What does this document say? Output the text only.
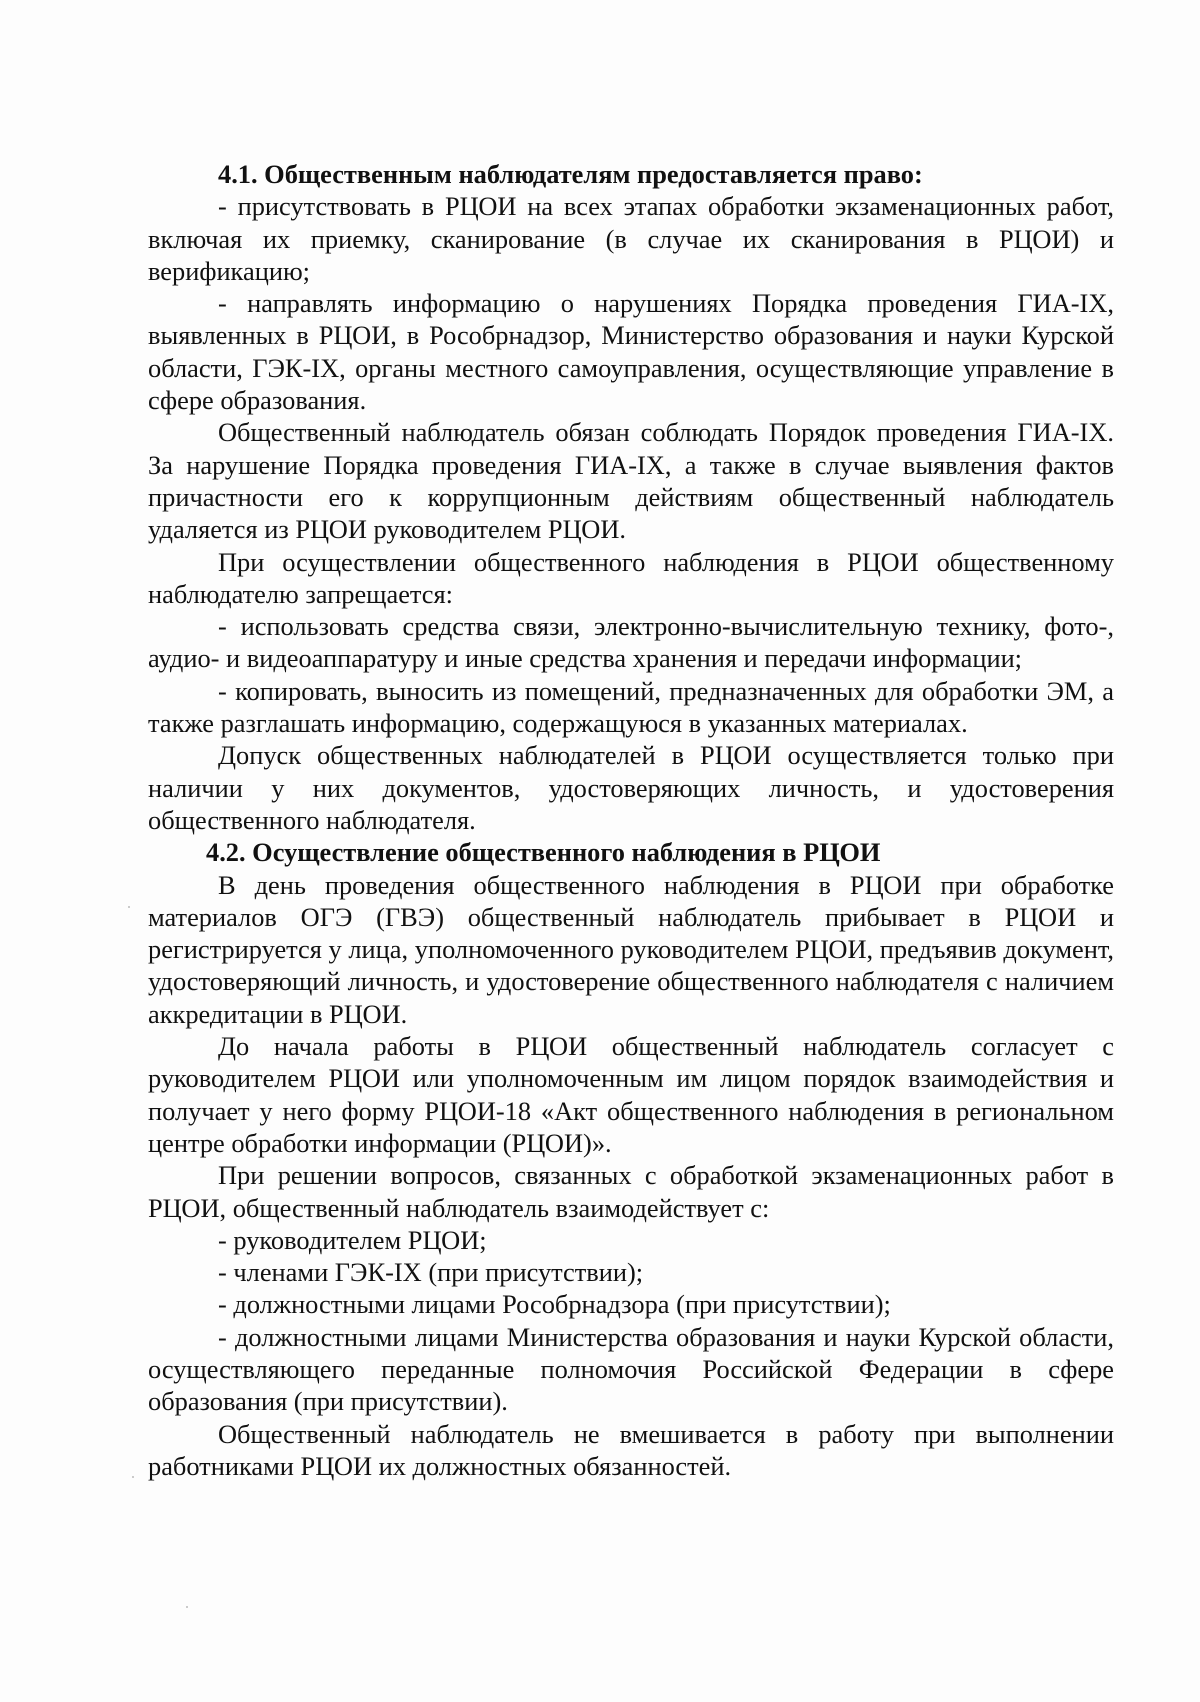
4.1. Общественным наблюдателям предоставляется право:

- присутствовать в РЦОИ на всех этапах обработки экзаменационных работ, включая их приемку, сканирование (в случае их сканирования в РЦОИ) и верификацию;

- направлять информацию о нарушениях Порядка проведения ГИА-IX, выявленных в РЦОИ, в Рособрнадзор, Министерство образования и науки Курской области, ГЭК-IX, органы местного самоуправления, осуществляющие управление в сфере образования.

Общественный наблюдатель обязан соблюдать Порядок проведения ГИА-IX. За нарушение Порядка проведения ГИА-IX, а также в случае выявления фактов причастности его к коррупционным действиям общественный наблюдатель удаляется из РЦОИ руководителем РЦОИ.

При осуществлении общественного наблюдения в РЦОИ общественному наблюдателю запрещается:

- использовать средства связи, электронно-вычислительную технику, фото-, аудио- и видеоаппаратуру и иные средства хранения и передачи информации;

- копировать, выносить из помещений, предназначенных для обработки ЭМ, а также разглашать информацию, содержащуюся в указанных материалах.

Допуск общественных наблюдателей в РЦОИ осуществляется только при наличии у них документов, удостоверяющих личность, и удостоверения общественного наблюдателя.

4.2. Осуществление общественного наблюдения в РЦОИ

В день проведения общественного наблюдения в РЦОИ при обработке материалов ОГЭ (ГВЭ) общественный наблюдатель прибывает в РЦОИ и регистрируется у лица, уполномоченного руководителем РЦОИ, предъявив документ, удостоверяющий личность, и удостоверение общественного наблюдателя с наличием аккредитации в РЦОИ.

До начала работы в РЦОИ общественный наблюдатель согласует с руководителем РЦОИ или уполномоченным им лицом порядок взаимодействия и получает у него форму РЦОИ-18 «Акт общественного наблюдения в региональном центре обработки информации (РЦОИ)».

При решении вопросов, связанных с обработкой экзаменационных работ в РЦОИ, общественный наблюдатель взаимодействует с:

- руководителем РЦОИ;

- членами ГЭК-IX (при присутствии);

- должностными лицами Рособрнадзора (при присутствии);

- должностными лицами Министерства образования и науки Курской области, осуществляющего переданные полномочия Российской Федерации в сфере образования (при присутствии).

Общественный наблюдатель не вмешивается в работу при выполнении работниками РЦОИ их должностных обязанностей.
